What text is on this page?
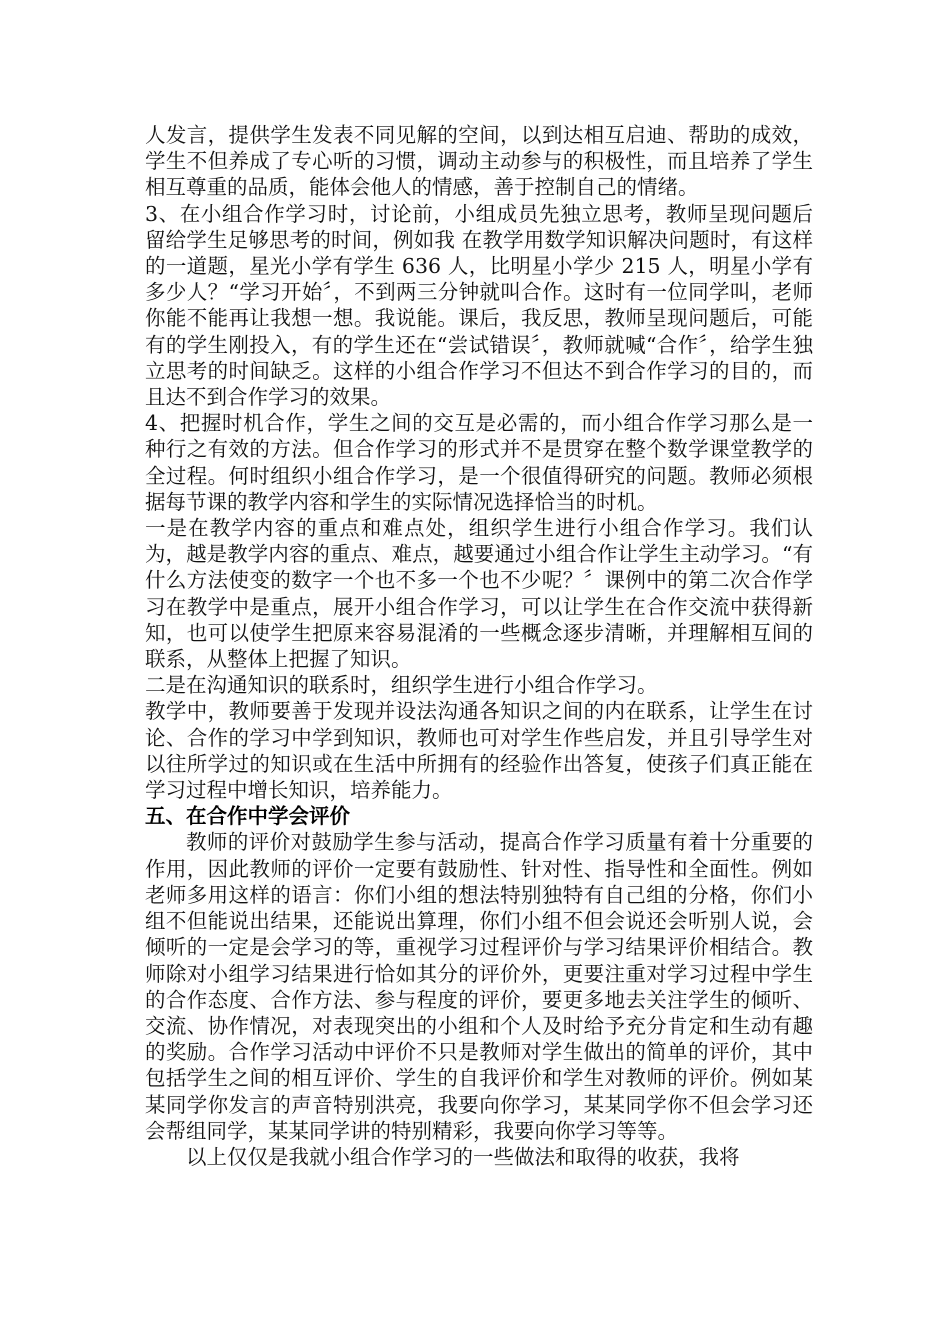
人发言，提供学生发表不同见解的空间，以到达相互启迪、帮助的成效，学生不但养成了专心听的习惯，调动主动参与的积极性，而且培养了学生相互尊重的品质，能体会他人的情感，善于控制自己的情绪。

3、在小组合作学习时，讨论前，小组成员先独立思考，教师呈现问题后留给学生足够思考的时间，例如我 在教学用数学知识解决问题时，有这样的一道题，星光小学有学生 636 人，比明星小学少 215 人，明星小学有多少人？“学习开始〞，不到两三分钟就叫合作。这时有一位同学叫，老师你能不能再让我想一想。我说能。课后，我反思，教师呈现问题后，可能有的学生刚投入，有的学生还在“尝试错误〞，教师就喊“合作〞，给学生独立思考的时间缺乏。这样的小组合作学习不但达不到合作学习的目的，而且达不到合作学习的效果。

4、把握时机合作，学生之间的交互是必需的，而小组合作学习那么是一种行之有效的方法。但合作学习的形式并不是贯穿在整个数学课堂教学的全过程。何时组织小组合作学习，是一个很值得研究的问题。教师必须根据每节课的教学内容和学生的实际情况选择恰当的时机。

一是在教学内容的重点和难点处，组织学生进行小组合作学习。我们认为，越是教学内容的重点、难点，越要通过小组合作让学生主动学习。“有什么方法使变的数字一个也不多一个也不少呢？〞课例中的第二次合作学习在教学中是重点，展开小组合作学习，可以让学生在合作交流中获得新知，也可以使学生把原来容易混淆的一些概念逐步清晰，并理解相互间的联系，从整体上把握了知识。

二是在沟通知识的联系时，组织学生进行小组合作学习。

教学中，教师要善于发现并设法沟通各知识之间的内在联系，让学生在讨论、合作的学习中学到知识，教师也可对学生作些启发，并且引导学生对以往所学过的知识或在生活中所拥有的经验作出答复，使孩子们真正能在学习过程中增长知识，培养能力。

五、在合作中学会评价

教师的评价对鼓励学生参与活动，提高合作学习质量有着十分重要的作用，因此教师的评价一定要有鼓励性、针对性、指导性和全面性。例如老师多用这样的语言：你们小组的想法特别独特有自己组的分格，你们小组不但能说出结果，还能说出算理，你们小组不但会说还会听别人说，会倾听的一定是会学习的等，重视学习过程评价与学习结果评价相结合。教师除对小组学习结果进行恰如其分的评价外，更要注重对学习过程中学生的合作态度、合作方法、参与程度的评价，要更多地去关注学生的倾听、交流、协作情况，对表现突出的小组和个人及时给予充分肯定和生动有趣的奖励。合作学习活动中评价不只是教师对学生做出的简单的评价，其中包括学生之间的相互评价、学生的自我评价和学生对教师的评价。例如某某同学你发言的声音特别洪亮，我要向你学习，某某同学你不但会学习还会帮组同学，某某同学讲的特别精彩，我要向你学习等等。

以上仅仅是我就小组合作学习的一些做法和取得的收获，我将
